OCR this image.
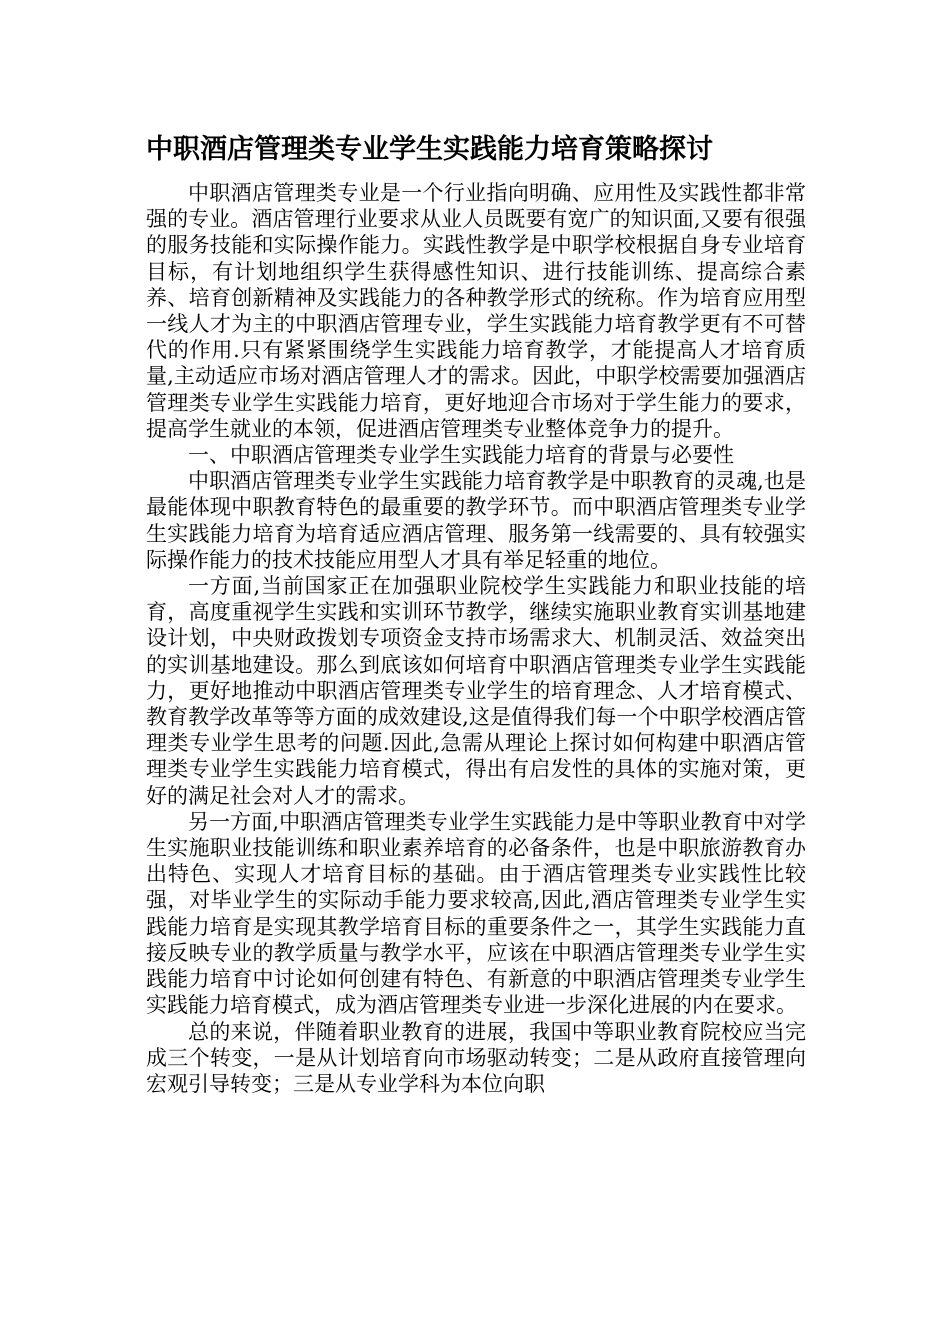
中职酒店管理类专业学生实践能力培育策略探讨

中职酒店管理类专业是一个行业指向明确、应用性及实践性都非常强的专业。酒店管理行业要求从业人员既要有宽广的知识面,又要有很强的服务技能和实际操作能力。实践性教学是中职学校根据自身专业培育目标，有计划地组织学生获得感性知识、进行技能训练、提高综合素养、培育创新精神及实践能力的各种教学形式的统称。作为培育应用型一线人才为主的中职酒店管理专业，学生实践能力培育教学更有不可替代的作用.只有紧紧围绕学生实践能力培育教学，才能提高人才培育质量,主动适应市场对酒店管理人才的需求。因此，中职学校需要加强酒店管理类专业学生实践能力培育，更好地迎合市场对于学生能力的要求，提高学生就业的本领，促进酒店管理类专业整体竞争力的提升。

一、中职酒店管理类专业学生实践能力培育的背景与必要性

中职酒店管理类专业学生实践能力培育教学是中职教育的灵魂,也是最能体现中职教育特色的最重要的教学环节。而中职酒店管理类专业学生实践能力培育为培育适应酒店管理、服务第一线需要的、具有较强实际操作能力的技术技能应用型人才具有举足轻重的地位。

一方面,当前国家正在加强职业院校学生实践能力和职业技能的培育，高度重视学生实践和实训环节教学，继续实施职业教育实训基地建设计划，中央财政拨划专项资金支持市场需求大、机制灵活、效益突出的实训基地建设。那么到底该如何培育中职酒店管理类专业学生实践能力，更好地推动中职酒店管理类专业学生的培育理念、人才培育模式、教育教学改革等等方面的成效建设,这是值得我们每一个中职学校酒店管理类专业学生思考的问题.因此,急需从理论上探讨如何构建中职酒店管理类专业学生实践能力培育模式，得出有启发性的具体的实施对策，更好的满足社会对人才的需求。

另一方面,中职酒店管理类专业学生实践能力是中等职业教育中对学生实施职业技能训练和职业素养培育的必备条件，也是中职旅游教育办出特色、实现人才培育目标的基础。由于酒店管理类专业实践性比较强，对毕业学生的实际动手能力要求较高,因此,酒店管理类专业学生实践能力培育是实现其教学培育目标的重要条件之一，其学生实践能力直接反映专业的教学质量与教学水平，应该在中职酒店管理类专业学生实践能力培育中讨论如何创建有特色、有新意的中职酒店管理类专业学生实践能力培育模式，成为酒店管理类专业进一步深化进展的内在要求。

总的来说，伴随着职业教育的进展，我国中等职业教育院校应当完成三个转变，一是从计划培育向市场驱动转变；二是从政府直接管理向宏观引导转变；三是从专业学科为本位向职
